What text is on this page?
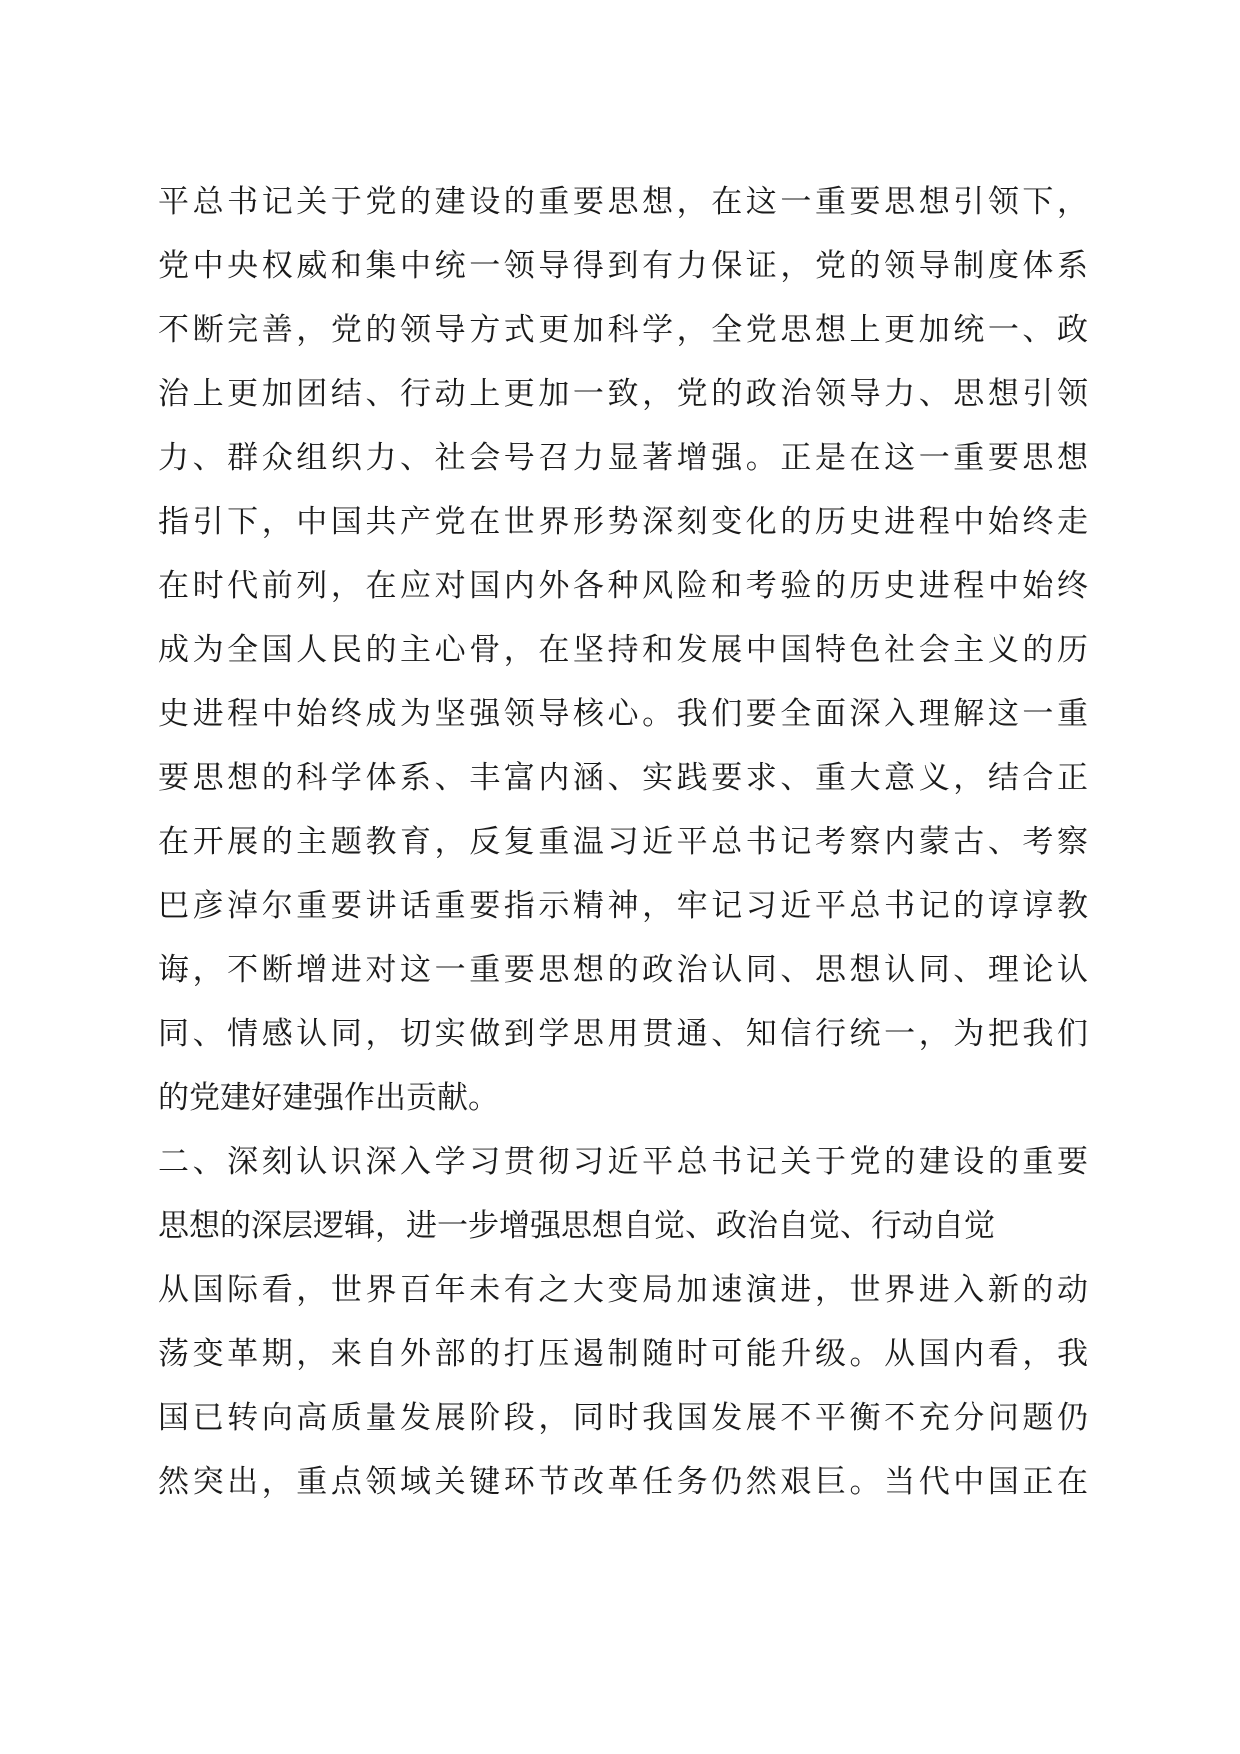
平总书记关于党的建设的重要思想，在这一重要思想引领下，
党中央权威和集中统一领导得到有力保证，党的领导制度体系
不断完善，党的领导方式更加科学，全党思想上更加统一、政
治上更加团结、行动上更加一致，党的政治领导力、思想引领
力、群众组织力、社会号召力显著增强。正是在这一重要思想
指引下，中国共产党在世界形势深刻变化的历史进程中始终走
在时代前列，在应对国内外各种风险和考验的历史进程中始终
成为全国人民的主心骨，在坚持和发展中国特色社会主义的历
史进程中始终成为坚强领导核心。我们要全面深入理解这一重
要思想的科学体系、丰富内涵、实践要求、重大意义，结合正
在开展的主题教育，反复重温习近平总书记考察内蒙古、考察
巴彦淖尔重要讲话重要指示精神，牢记习近平总书记的谆谆教
诲，不断增进对这一重要思想的政治认同、思想认同、理论认
同、情感认同，切实做到学思用贯通、知信行统一，为把我们
的党建好建强作出贡献。
二、深刻认识深入学习贯彻习近平总书记关于党的建设的重要
思想的深层逻辑，进一步增强思想自觉、政治自觉、行动自觉
从国际看，世界百年未有之大变局加速演进，世界进入新的动
荡变革期，来自外部的打压遏制随时可能升级。从国内看，我
国已转向高质量发展阶段，同时我国发展不平衡不充分问题仍
然突出，重点领域关键环节改革任务仍然艰巨。当代中国正在
